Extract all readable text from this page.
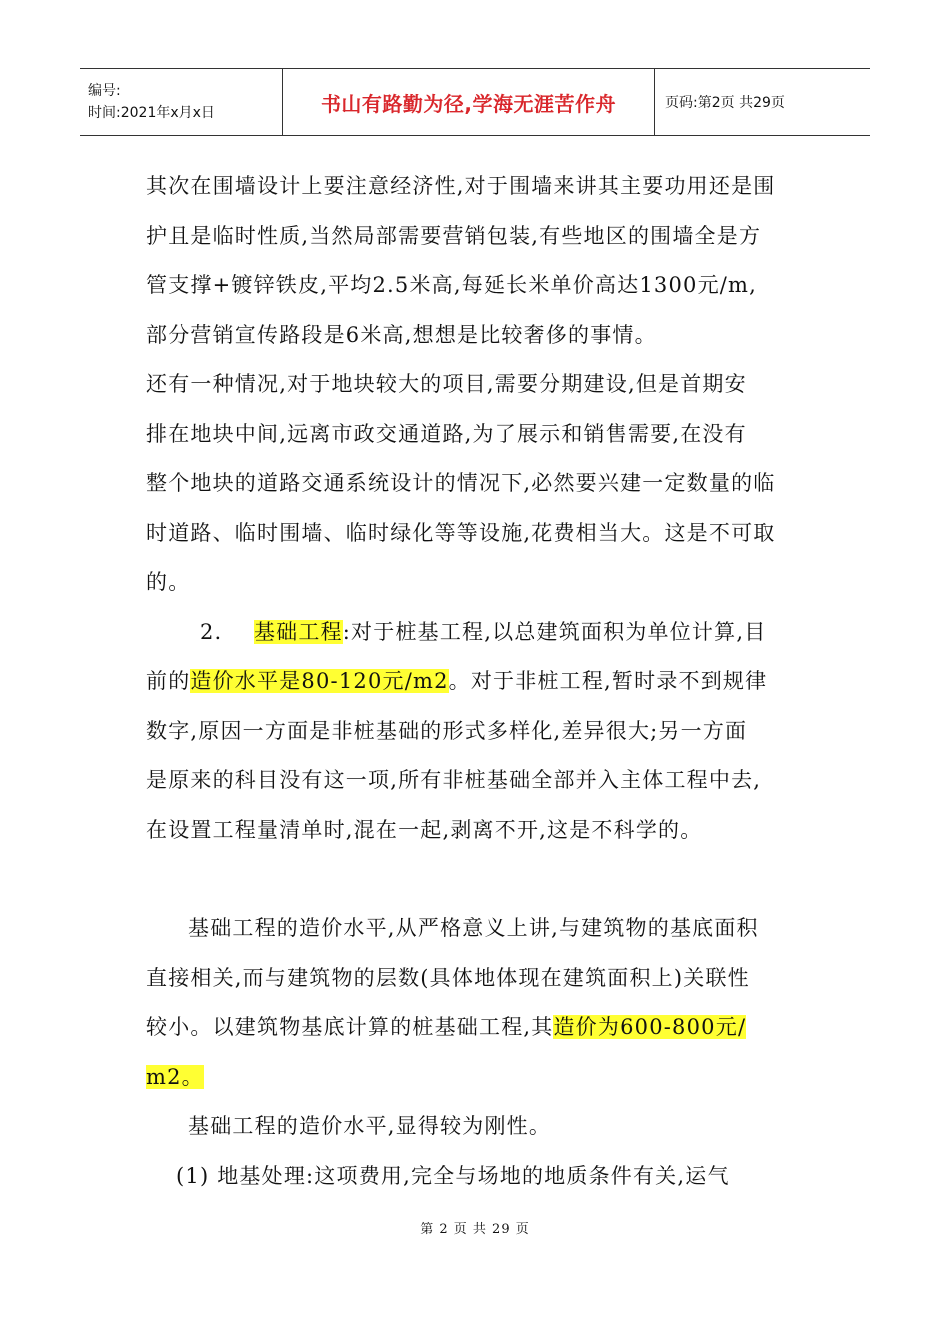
编号:
时间:2021年x月x日	书山有路勤为径,学海无涯苦作舟	页码:第2页 共29页
其次在围墙设计上要注意经济性,对于围墙来讲其主要功用还是围
护且是临时性质,当然局部需要营销包装,有些地区的围墙全是方
管支撑+镀锌铁皮,平均2.5米高,每延长米单价高达1300元/m,
部分营销宣传路段是6米高,想想是比较奢侈的事情。
还有一种情况,对于地块较大的项目,需要分期建设,但是首期安
排在地块中间,远离市政交通道路,为了展示和销售需要,在没有
整个地块的道路交通系统设计的情况下,必然要兴建一定数量的临
时道路、临时围墙、临时绿化等等设施,花费相当大。这是不可取
的。
2. 基础工程:对于桩基工程,以总建筑面积为单位计算,目
前的造价水平是80-120元/m2。对于非桩工程,暂时录不到规律
数字,原因一方面是非桩基础的形式多样化,差异很大;另一方面
是原来的科目没有这一项,所有非桩基础全部并入主体工程中去,
在设置工程量清单时,混在一起,剥离不开,这是不科学的。
基础工程的造价水平,从严格意义上讲,与建筑物的基底面积
直接相关,而与建筑物的层数(具体地体现在建筑面积上)关联性
较小。以建筑物基底计算的桩基础工程,其造价为600-800元/
m2。
基础工程的造价水平,显得较为刚性。
(1) 地基处理:这项费用,完全与场地的地质条件有关,运气
第 2 页 共 29 页
